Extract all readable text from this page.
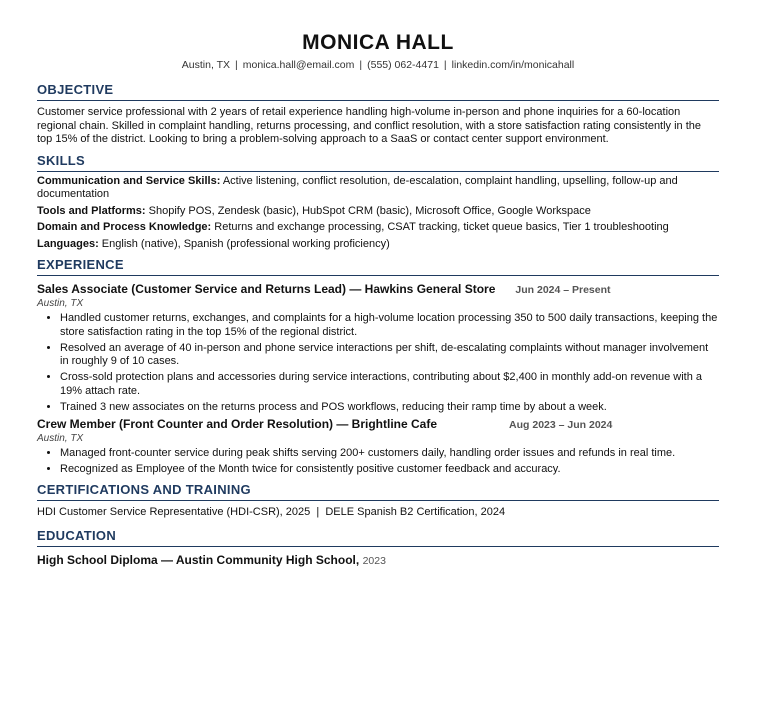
MONICA HALL
Austin, TX | monica.hall@email.com | (555) 062-4471 | linkedin.com/in/monicahall
OBJECTIVE
Customer service professional with 2 years of retail experience handling high-volume in-person and phone inquiries for a 60-location regional chain. Skilled in complaint handling, returns processing, and conflict resolution, with a store satisfaction rating consistently in the top 15% of the district. Looking to bring a problem-solving approach to a SaaS or contact center support environment.
SKILLS
Communication and Service Skills: Active listening, conflict resolution, de-escalation, complaint handling, upselling, follow-up and documentation
Tools and Platforms: Shopify POS, Zendesk (basic), HubSpot CRM (basic), Microsoft Office, Google Workspace
Domain and Process Knowledge: Returns and exchange processing, CSAT tracking, ticket queue basics, Tier 1 troubleshooting
Languages: English (native), Spanish (professional working proficiency)
EXPERIENCE
Sales Associate (Customer Service and Returns Lead) — Hawkins General Store Jun 2024 – Present
Austin, TX
• Handled customer returns, exchanges, and complaints for a high-volume location processing 350 to 500 daily transactions, keeping the store satisfaction rating in the top 15% of the regional district.
• Resolved an average of 40 in-person and phone service interactions per shift, de-escalating complaints without manager involvement in roughly 9 of 10 cases.
• Cross-sold protection plans and accessories during service interactions, contributing about $2,400 in monthly add-on revenue with a 19% attach rate.
• Trained 3 new associates on the returns process and POS workflows, reducing their ramp time by about a week.
Crew Member (Front Counter and Order Resolution) — Brightline Cafe	Aug 2023 – Jun 2024
Austin, TX
• Managed front-counter service during peak shifts serving 200+ customers daily, handling order issues and refunds in real time.
• Recognized as Employee of the Month twice for consistently positive customer feedback and accuracy.
CERTIFICATIONS AND TRAINING
HDI Customer Service Representative (HDI-CSR), 2025  |  DELE Spanish B2 Certification, 2024
EDUCATION
High School Diploma — Austin Community High School, 2023
